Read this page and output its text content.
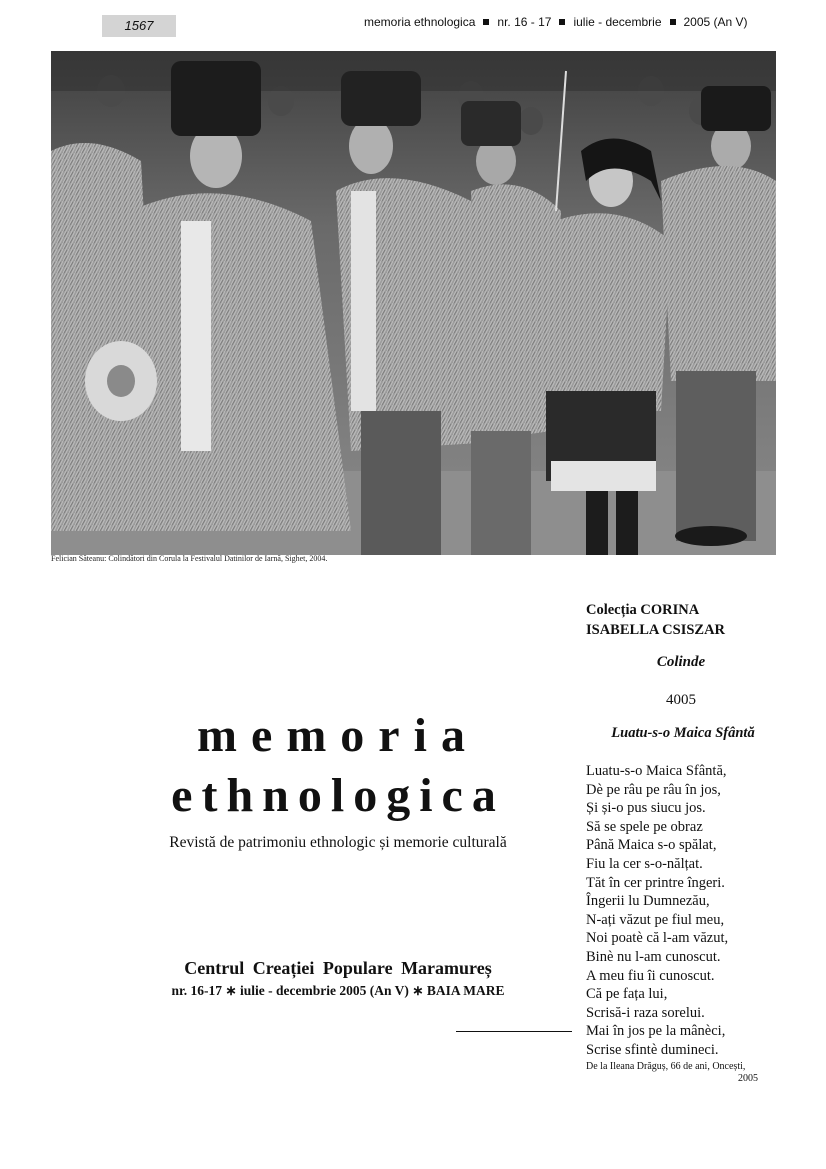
1567	memoria ethnologica nr. 16 - 17 iulie - decembrie 2005 (An V)
Felician Săteanu: Colindători din Corula la Festivalul Datinilor de Iarnă, Sighet, 2004.
memoria
ethnologica
Revistă de patrimoniu ethnologic și memorie culturală
Centrul Creației Populare Maramureș
nr. 16-17 ∗ iulie - decembrie 2005 (An V) ∗ BAIA MARE
Colecția CORINA
ISABELLA CSISZAR
Colinde
4005
Luatu-s-o Maica Sfântă
Luatu-s-o Maica Sfântă,
Dè pe râu pe râu în jos,
Și și-o pus siucu jos.
Să se spele pe obraz
Până Maica s-o spălat,
Fiu la cer s-o-nălțat.
Tăt în cer printre îngeri.
Îngerii lu Dumnezău,
N-ați văzut pe fiul meu,
Noi poatè că l-am văzut,
Binè nu l-am cunoscut.
A meu fiu îi cunoscut.
Că pe fața lui,
Scrisă-i raza sorelui.
Mai în jos pe la mânèci,
Scrise sfintè dumineci.
De la Ileana Drăguș, 66 de ani, Oncești,
2005
